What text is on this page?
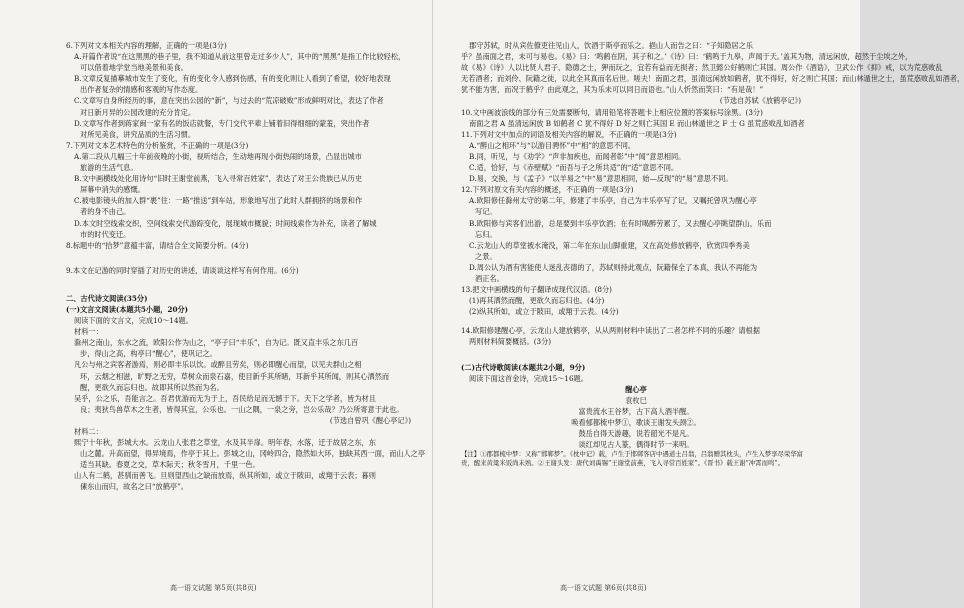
6.下列对文本相关内容的理解，正确的一项是(3分)

A.开篇作者说“在这黑黑的巷子里，我不知道从前这里曾走过多少人”，其中的“黑黑”是指工作比较轻松，

可以借着地学堂当地美景和美食。

B.文章反复描摹城市发生了变化，有的变化令人感到伤感，有的变化则让人看到了希望，较好地表现

出作者复杂的情感和客观的写作态度。

C.文章写自身所经历的事，意在突出公园的“新”，与过去的“荒凉破败”形成鲜明对比，表达了作者

对日新月异的公园改建的充分肯定。

D.文章写作者到蒋家闽一家有名的饭店就餐，专门交代平辈上铺着旧得细细的蒙羞，突出作者

对所见美食，讲究品质的生活习惯。

7.下列对文本艺术特色的分析鉴赏，不正确的一项是(3分)

A.第二段从几幅三十年前夜晚的小街，视听结合，生动地再现小街热闹的场景，凸显出城市

旅游的生活气息。

B.文中画横线处化用诗句“旧时王谢堂前燕，飞入寻常百姓家”，表达了对王公贵族已从历史

屏幕中消失的感慨。

C.被电影镜头的加入群“裹”住：一路“推送”到车站，形象地写出了此时人群拥挤的场景和作

者的身不由己。

D.本文时空线索交织，空间线索交代游踪变化，展现城市概貌；时间线索作为补充，读者了解城

市的时代变迁。

8.标题中的“拾梦”意蕴丰富，请结合全文简要分析。(4分)

9.本文在记游的同时穿插了对历史的讲述，请谈谈这样写有何作用。(6分)

二、古代诗文阅读(35分)

(一)文言文阅读(本题共5小题，20分)

阅读下面的文言文，完成10～14题。

材料一：

滁州之南山，东水之流，欧阳公作为山之，“亭子曰“丰乐”，自为记。既又直丰乐之东几百

步，得山之高，构亭曰“醒心”，使巩记之。

凡公与州之宾客者游焉，则必即丰乐以饮。或醉且劳矣，则必即醒心而望，以见夫群山之相

环，云烟之相滋，旷野之无穷，草树众而泉石嘉，使目新乎其所睹，耳新乎其所闻，则其心洒然而

醒，更欲久而忘归也。故即其所以然而为名。

吴乎，公之乐，吾能言之。吾君优游而无为于上，吾民给足而无憾于下。天下之学者，皆为材且

良；夷狄鸟兽草木之生者，皆得其宜，公乐也。一山之隅，一泉之旁，岂公乐哉？乃公所寄意于此也。

(节选自曾巩《醒心亭记》)

材料二：

熙宁十年秋，彭城大水。云龙山人张君之草堂，水及其半扉。明年春，水落，迁于故居之东，东

山之麓。升高而望，得异境焉，作亭于其上。彭城之山，冈岭四合，隐然如大环，独缺其西一面，而山人之亭

适当其缺。春夏之交，草木际天；秋冬雪月，千里一色。

山人有二鹤，甚驯而善飞。旦则望西山之缺而放焉，纵其所如，或立于陂田，或翔于云表；暮则

傃东山而归，故名之曰“放鹤亭”。

郡守苏轼，时从宾佐僚吏往见山人，饮酒于斯亭而乐之。挹山人而告之曰：“子知隐居之乐

乎？虽南面之君，未可与易也。《易》曰：‘鸣鹤在阴，其子和之。’《诗》曰：‘鹤鸣于九皋，声闻于天。’盖其为物，清远闲放，超然于尘埃之外，

故《易》《诗》人以比贤人君子、隐德之士，狎而玩之，宜若有益而无损者；然卫懿公好鹤则亡其国。周公作《酒诰》，卫武公作《抑》戒，以为荒惑败乱

无若酒者；而刘伶、阮籍之徒，以此全其真而名后世。嗟夫！南面之君，虽清远闲放如鹤者，犹不得好，好之则亡其国；而山林遁世之士，虽荒惑败乱如酒者，

犹不能为害，而况于鹤乎？由此观之，其为乐未可以同日而语也。”山人忻然而笑曰：“有是哉！”

(节选自苏轼《放鹤亭记》)

10.文中画波浪线的部分有三处需要断句，请用铅笔将答题卡上相应位置的答案标号涂黑。(3分)

南面之君 A 虽清远闲放 B 如鹤者 C 犹不得好 D 好之则亡其国 E 而山林遁世之 F 士 G 虽荒惑败乱如酒者

11.下列对文中加点的词语及相关内容的解说，不正确的一项是(3分)

A.“醉山之相环”与“以游目骋怀”中“相”的意思不同。

B.同，听见，与《劝学》“声非加疾也，而闻者彰”中“闻”意思相同。

C.适，恰好，与《赤壁赋》“而吾与子之所共适”的“适”意思不同。

D.易，交换，与《孟子》“以羊易之”中“易”意思相同，始—反现”的“易”意思不同。

12.下列对原文有关内容的概述，不正确的一项是(3分)

A.欧阳修任滁州太守的第二年，修建了丰乐亭，自己为丰乐亭写了记，又嘱托曾巩为醒心亭

写记。

B.欧阳修与宾客们出游，总是要到丰乐亭饮酒；在有时喝醉劳累了，又去醒心亭眺望群山，乐而

忘归。

C.云龙山人的草堂被水淹没，第二年在东山山脚重建，又在高处修放鹤亭，欣赏四季秀美

之景。

D.周公认为酒有害能使人迷乱丧德的了，苏轼则持此观点，阮籍保全了本真，我认不再能为

酒正名。

13.把文中画横线的句子翻译成现代汉语。(8分)

(1)再其洒然而醒，更欲久而忘归也。(4分)

(2)纵其所如，或立于陂田，或翔于云表。(4分)

14.欧阳修建醒心亭，云龙山人建放鹤亭，从从两则材料中读出了二者怎样不同的乐趣？请根据

两则材料简要概括。(3分)

(二)古代诗歌阅读(本题共2小题，9分)

阅读下面这首金诗，完成15～16题。

醒心亭

袁枚巳

富贵流水王谷梦，古下高人酒半醒。

唤看郁都梳中梦①，歌谈王谢发头颈②。

鼓岳自得天游趣，说若韶光不是凡。

谈红却见古人篆，偶得时节一来明。

【注】①郡都梳中梦：又称“邯郸梦”。《枕中记》载，卢生于邯郸客店中遇道士吕翁，吕翁赠其枕头，卢生入梦享尽荣华富贵，醒来黄粱米饭尚未熟。②王谢头发：唐代刘禹锡“王谢堂前燕，飞入寻常百姓家”。《晋书》载王谢“冲霄而鸣”。

高一语文试题 第5页(共8页)	高一语文试题 第6页(共8页)
